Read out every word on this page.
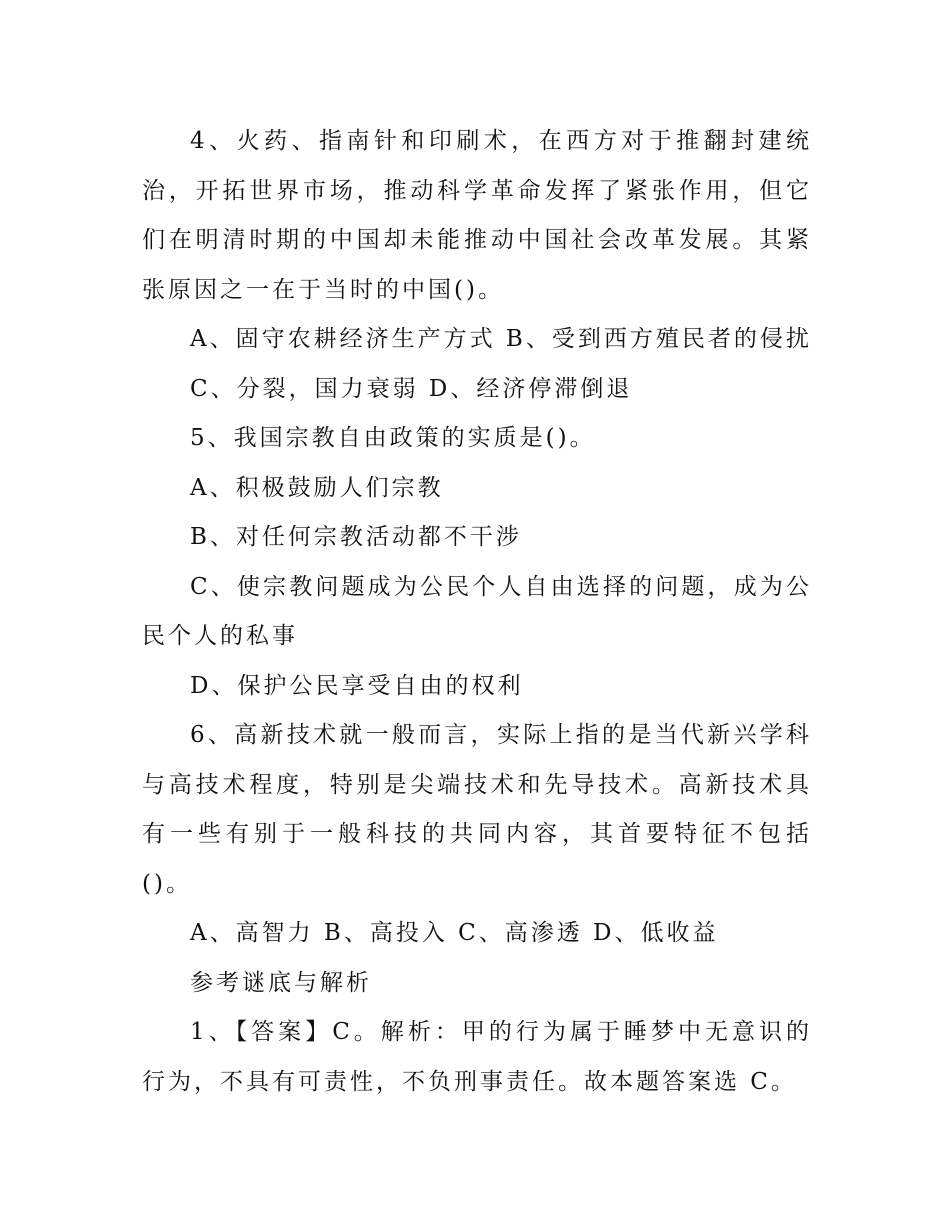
4、火药、指南针和印刷术，在西方对于推翻封建统治，开拓世界市场，推动科学革命发挥了紧张作用，但它们在明清时期的中国却未能推动中国社会改革发展。其紧张原因之一在于当时的中国()。

A、固守农耕经济生产方式 B、受到西方殖民者的侵扰

C、分裂，国力衰弱 D、经济停滞倒退

5、我国宗教自由政策的实质是()。

A、积极鼓励人们宗教

B、对任何宗教活动都不干涉

C、使宗教问题成为公民个人自由选择的问题，成为公民个人的私事

D、保护公民享受自由的权利

6、高新技术就一般而言，实际上指的是当代新兴学科与高技术程度，特别是尖端技术和先导技术。高新技术具有一些有别于一般科技的共同内容，其首要特征不包括()。

A、高智力 B、高投入 C、高渗透 D、低收益

参考谜底与解析

1、【答案】C。解析：甲的行为属于睡梦中无意识的行为，不具有可责性，不负刑事责任。故本题答案选 C。
